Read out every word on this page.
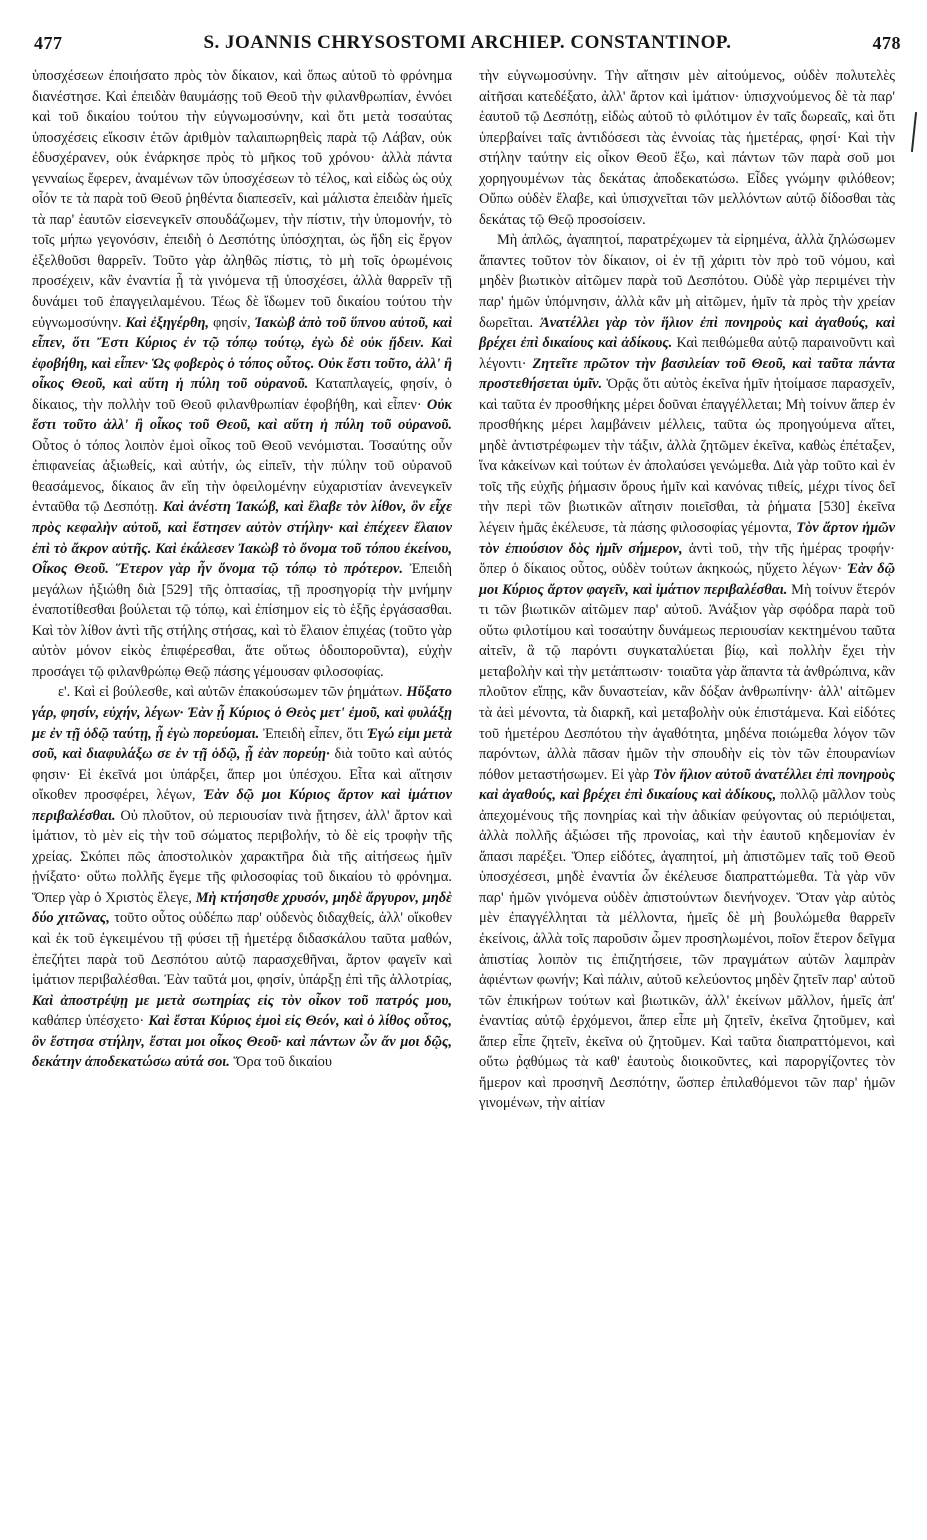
477	S. JOANNIS CHRYSOSTOMI ARCHIEP. CONSTANTINOP.	478

ὑποσχέσεων ἐποιήσατο πρὸς τὸν δίκαιον, καὶ ὅπως αὐτοῦ τὸ φρόνημα διανέστησε. Καὶ ἐπειδὰν θαυμάσῃς τοῦ Θεοῦ τὴν φιλανθρωπίαν, ἐννόει καὶ τοῦ δικαίου τούτου τὴν εὐγνωμοσύνην, καὶ ὅτι μετὰ τοσαύτας ὑποσχέσεις εἴκοσιν ἐτῶν ἀριθμὸν ταλαιπωρηθεὶς παρὰ τῷ Λάβαν, οὐκ ἐδυσχέρανεν, οὐκ ἐνάρκησε πρὸς τὸ μῆκος τοῦ χρόνου· ἀλλὰ πάντα γενναίως ἔφερεν, ἀναμένων τῶν ὑποσχέσεων τὸ τέλος, καὶ εἰδὼς ὡς οὐχ οἷόν τε τὰ παρὰ τοῦ Θεοῦ ῥηθέντα διαπεσεῖν, καὶ μάλιστα ἐπειδὰν ἡμεῖς τὰ παρ' ἑαυτῶν εἰσενεγκεῖν σπουδάζωμεν, τὴν πίστιν, τὴν ὑπομονήν, τὸ τοῖς μήπω γεγονόσιν, ἐπειδὴ ὁ Δεσπότης ὑπόσχηται, ὡς ἤδη εἰς ἔργον ἐξελθοῦσι θαρρεῖν. Τοῦτο γὰρ ἀληθῶς πίστις, τὸ μὴ τοῖς ὁρωμένοις προσέχειν, κἂν ἐναντία ᾖ τὰ γινόμενα τῇ ὑποσχέσει, ἀλλὰ θαρρεῖν τῇ δυνάμει τοῦ ἐπαγγειλαμένου. Τέως δὲ ἴδωμεν τοῦ δικαίου τούτου τὴν εὐγνωμοσύνην. Καὶ ἐξηγέρθη, φησίν, Ἰακὼβ ἀπὸ τοῦ ὕπνου αὐτοῦ, καὶ εἶπεν, ὅτι Ἔστι Κύριος ἐν τῷ τόπῳ τούτῳ, ἐγὼ δὲ οὐκ ᾔδειν. Καὶ ἐφοβήθη, καὶ εἶπεν· Ὡς φοβερὸς ὁ τόπος οὗτος. Οὐκ ἔστι τοῦτο, ἀλλ' ἢ οἶκος Θεοῦ, καὶ αὕτη ἡ πύλη τοῦ οὐρανοῦ. Καταπλαγείς, φησίν, ὁ δίκαιος, τὴν πολλὴν τοῦ Θεοῦ φιλανθρωπίαν ἐφοβήθη, καὶ εἶπεν· Οὐκ ἔστι τοῦτο ἀλλ' ἢ οἶκος τοῦ Θεοῦ, καὶ αὕτη ἡ πύλη τοῦ οὐρανοῦ. Οὗτος ὁ τόπος λοιπὸν ἐμοὶ οἶκος τοῦ Θεοῦ νενόμισται. Τοσαύτης οὖν ἐπιφανείας ἀξιωθείς, καὶ αὐτήν, ὡς εἰπεῖν, τὴν πύλην τοῦ οὐρανοῦ θεασάμενος, δίκαιος ἂν εἴη τὴν ὀφειλομένην εὐχαριστίαν ἀνενεγκεῖν ἐνταῦθα τῷ Δεσπότῃ. Καὶ ἀνέστη Ἰακώβ, καὶ ἔλαβε τὸν λίθον, ὃν εἶχε πρὸς κεφαλὴν αὐτοῦ, καὶ ἔστησεν αὐτὸν στήλην· καὶ ἐπέχεεν ἔλαιον ἐπὶ τὸ ἄκρον αὐτῆς. Καὶ ἐκάλεσεν Ἰακὼβ τὸ ὄνομα τοῦ τόπου ἐκείνου, Οἶκος Θεοῦ. Ἕτερον γὰρ ἦν ὄνομα τῷ τόπῳ τὸ πρότερον. Ἐπειδὴ μεγάλων ἠξιώθη διὰ [529] τῆς ὀπτασίας, τῇ προσηγορίᾳ τὴν μνήμην ἐναποτίθεσθαι βούλεται τῷ τόπῳ, καὶ ἐπίσημον εἰς τὸ ἑξῆς ἐργάσασθαι. Καὶ τὸν λίθον ἀντὶ τῆς στήλης στήσας, καὶ τὸ ἔλαιον ἐπιχέας (τοῦτο γὰρ αὐτὸν μόνον εἰκὸς ἐπιφέρεσθαι, ἅτε οὕτως ὁδοιποροῦντα), εὐχὴν προσάγει τῷ φιλανθρώπῳ Θεῷ πάσης γέμουσαν φιλοσοφίας.

ε'. Καὶ εἰ βούλεσθε, καὶ αὐτῶν ἐπακούσωμεν τῶν ῥημάτων. Ηὔξατο γάρ, φησίν, εὐχήν, λέγων· Ἐὰν ᾖ Κύριος ὁ Θεὸς μετ' ἐμοῦ, καὶ φυλάξῃ με ἐν τῇ ὁδῷ ταύτῃ, ᾗ ἐγὼ πορεύομαι. Ἐπειδὴ εἶπεν, ὅτι Ἐγώ εἰμι μετὰ σοῦ, καὶ διαφυλάξω σε ἐν τῇ ὁδῷ, ᾗ ἐὰν πορεύῃ· διὰ τοῦτο καὶ αὐτός φησιν· Εἰ ἐκεῖνά μοι ὑπάρξει, ἅπερ μοι ὑπέσχου. Εἶτα καὶ αἴτησιν οἴκοθεν προσφέρει, λέγων, Ἐὰν δῷ μοι Κύριος ἄρτον καὶ ἱμάτιον περιβαλέσθαι. Οὐ πλοῦτον, οὐ περιουσίαν τινὰ ᾔτησεν, ἀλλ' ἄρτον καὶ ἱμάτιον, τὸ μὲν εἰς τὴν τοῦ σώματος περιβολήν, τὸ δὲ εἰς τροφὴν τῆς χρείας. Σκόπει πῶς ἀποστολικὸν χαρακτῆρα διὰ τῆς αἰτήσεως ἡμῖν ᾐνίξατο· οὕτω πολλῆς ἔγεμε τῆς φιλοσοφίας τοῦ δικαίου τὸ φρόνημα. Ὅπερ γὰρ ὁ Χριστὸς ἔλεγε, Μὴ κτήσησθε χρυσόν, μηδὲ ἄργυρον, μηδὲ δύο χιτῶνας, τοῦτο οὗτος οὐδέπω παρ' οὐδενὸς διδαχθείς, ἀλλ' οἴκοθεν καὶ ἐκ τοῦ ἐγκειμένου τῇ φύσει τῇ ἡμετέρᾳ διδασκάλου ταῦτα μαθών, ἐπεζήτει παρὰ τοῦ Δεσπότου αὐτῷ παρασχεθῆναι, ἄρτον φαγεῖν καὶ ἱμάτιον περιβαλέσθαι. Ἐὰν ταῦτά μοι, φησίν, ὑπάρξῃ ἐπὶ τῆς ἀλλοτρίας, Καὶ ἀποστρέψῃ με μετὰ σωτηρίας εἰς τὸν οἶκον τοῦ πατρός μου, καθάπερ ὑπέσχετο· Καὶ ἔσται Κύριος ἐμοὶ εἰς Θεόν, καὶ ὁ λίθος οὗτος, ὃν ἔστησα στήλην, ἔσται μοι οἶκος Θεοῦ· καὶ πάντων ὧν ἄν μοι δῷς, δεκάτην ἀποδεκατώσω αὐτά σοι. Ὅρα τοῦ δικαίου

τὴν εὐγνωμοσύνην. Τὴν αἴτησιν μὲν αἰτούμενος, οὐδὲν πολυτελὲς αἰτῆσαι κατεδέξατο, ἀλλ' ἄρτον καὶ ἱμάτιον· ὑπισχνούμενος δὲ τὰ παρ' ἑαυτοῦ τῷ Δεσπότῃ, εἰδὼς αὐτοῦ τὸ φιλότιμον ἐν ταῖς δωρεαῖς, καὶ ὅτι ὑπερβαίνει ταῖς ἀντιδόσεσι τὰς ἐννοίας τὰς ἡμετέρας, φησί· Καὶ τὴν στήλην ταύτην εἰς οἶκον Θεοῦ ἕξω, καὶ πάντων τῶν παρὰ σοῦ μοι χορηγουμένων τὰς δεκάτας ἀποδεκατώσω. Εἶδες γνώμην φιλόθεον; Οὔπω οὐδὲν ἔλαβε, καὶ ὑπισχνεῖται τῶν μελλόντων αὐτῷ δίδοσθαι τὰς δεκάτας τῷ Θεῷ προσοίσειν.

Μὴ ἁπλῶς, ἀγαπητοί, παρατρέχωμεν τὰ εἰρημένα, ἀλλὰ ζηλώσωμεν ἅπαντες τοῦτον τὸν δίκαιον, οἱ ἐν τῇ χάριτι τὸν πρὸ τοῦ νόμου, καὶ μηδὲν βιωτικὸν αἰτῶμεν παρὰ τοῦ Δεσπότου. Οὐδὲ γὰρ περιμένει τὴν παρ' ἡμῶν ὑπόμνησιν, ἀλλὰ κἂν μὴ αἰτῶμεν, ἡμῖν τὰ πρὸς τὴν χρείαν δωρεῖται. Ἀνατέλλει γὰρ τὸν ἥλιον ἐπὶ πονηροὺς καὶ ἀγαθούς, καὶ βρέχει ἐπὶ δικαίους καὶ ἀδίκους. Καὶ πειθώμεθα αὐτῷ παραινοῦντι καὶ λέγοντι· Ζητεῖτε πρῶτον τὴν βασιλείαν τοῦ Θεοῦ, καὶ ταῦτα πάντα προστεθήσεται ὑμῖν. Ὁρᾷς ὅτι αὐτὸς ἐκεῖνα ἡμῖν ἡτοίμασε παρασχεῖν, καὶ ταῦτα ἐν προσθήκης μέρει δοῦναι ἐπαγγέλλεται; Μὴ τοίνυν ἅπερ ἐν προσθήκης μέρει λαμβάνειν μέλλεις, ταῦτα ὡς προηγούμενα αἴτει, μηδὲ ἀντιστρέφωμεν τὴν τάξιν, ἀλλὰ ζητῶμεν ἐκεῖνα, καθὼς ἐπέταξεν, ἵνα κἀκείνων καὶ τούτων ἐν ἀπολαύσει γενώμεθα. Διὰ γὰρ τοῦτο καὶ ἐν τοῖς τῆς εὐχῆς ῥήμασιν ὅρους ἡμῖν καὶ κανόνας τιθείς, μέχρι τίνος δεῖ τὴν περὶ τῶν βιωτικῶν αἴτησιν ποιεῖσθαι, τὰ ῥήματα [530] ἐκεῖνα λέγειν ἡμᾶς ἐκέλευσε, τὰ πάσης φιλοσοφίας γέμοντα, Τὸν ἄρτον ἡμῶν τὸν ἐπιούσιον δὸς ἡμῖν σήμερον, ἀντὶ τοῦ, τὴν τῆς ἡμέρας τροφήν· ὅπερ ὁ δίκαιος οὗτος, οὐδὲν τούτων ἀκηκοώς, ηὔχετο λέγων· Ἐὰν δῷ μοι Κύριος ἄρτον φαγεῖν, καὶ ἱμάτιον περιβαλέσθαι. Μὴ τοίνυν ἕτερόν τι τῶν βιωτικῶν αἰτῶμεν παρ' αὐτοῦ. Ἀνάξιον γὰρ σφόδρα παρὰ τοῦ οὕτω φιλοτίμου καὶ τοσαύτην δυνάμεως περιουσίαν κεκτημένου ταῦτα αἰτεῖν, ἃ τῷ παρόντι συγκαταλύεται βίῳ, καὶ πολλὴν ἔχει τὴν μεταβολὴν καὶ τὴν μετάπτωσιν· τοιαῦτα γὰρ ἅπαντα τὰ ἀνθρώπινα, κἂν πλοῦτον εἴπῃς, κἂν δυναστείαν, κἂν δόξαν ἀνθρωπίνην· ἀλλ' αἰτῶμεν τὰ ἀεὶ μένοντα, τὰ διαρκῆ, καὶ μεταβολὴν οὐκ ἐπιστάμενα. Καὶ εἰδότες τοῦ ἡμετέρου Δεσπότου τὴν ἀγαθότητα, μηδένα ποιώμεθα λόγον τῶν παρόντων, ἀλλὰ πᾶσαν ἡμῶν τὴν σπουδὴν εἰς τὸν τῶν ἐπουρανίων πόθον μεταστήσωμεν. Εἰ γὰρ Τὸν ἥλιον αὐτοῦ ἀνατέλλει ἐπὶ πονηροὺς καὶ ἀγαθούς, καὶ βρέχει ἐπὶ δικαίους καὶ ἀδίκους, πολλῷ μᾶλλον τοὺς ἀπεχομένους τῆς πονηρίας καὶ τὴν ἀδικίαν φεύγοντας οὐ περιόψεται, ἀλλὰ πολλῆς ἀξιώσει τῆς προνοίας, καὶ τὴν ἑαυτοῦ κηδεμονίαν ἐν ἅπασι παρέξει. Ὅπερ εἰδότες, ἀγαπητοί, μὴ ἀπιστῶμεν ταῖς τοῦ Θεοῦ ὑποσχέσεσι, μηδὲ ἐναντία ὧν ἐκέλευσε διαπραττώμεθα. Τὰ γὰρ νῦν παρ' ἡμῶν γινόμενα οὐδὲν ἀπιστούντων διενήνοχεν. Ὅταν γὰρ αὐτὸς μὲν ἐπαγγέλληται τὰ μέλλοντα, ἡμεῖς δὲ μὴ βουλώμεθα θαρρεῖν ἐκείνοις, ἀλλὰ τοῖς παροῦσιν ὦμεν προσηλωμένοι, ποῖον ἕτερον δεῖγμα ἀπιστίας λοιπὸν τις ἐπιζητήσειε, τῶν πραγμάτων αὐτῶν λαμπρὰν ἀφιέντων φωνήν; Καὶ πάλιν, αὐτοῦ κελεύοντος μηδὲν ζητεῖν παρ' αὐτοῦ τῶν ἐπικήρων τούτων καὶ βιωτικῶν, ἀλλ' ἐκείνων μᾶλλον, ἡμεῖς ἀπ' ἐναντίας αὐτῷ ἐρχόμενοι, ἅπερ εἶπε μὴ ζητεῖν, ἐκεῖνα ζητοῦμεν, καὶ ἅπερ εἶπε ζητεῖν, ἐκεῖνα οὐ ζητοῦμεν. Καὶ ταῦτα διαπραττόμενοι, καὶ οὕτω ῥᾳθύμως τὰ καθ' ἑαυτοὺς διοικοῦντες, καὶ παροργίζοντες τὸν ἥμερον καὶ προσηνῆ Δεσπότην, ὥσπερ ἐπιλαθόμενοι τῶν παρ' ἡμῶν γινομένων, τὴν αἰτίαν
